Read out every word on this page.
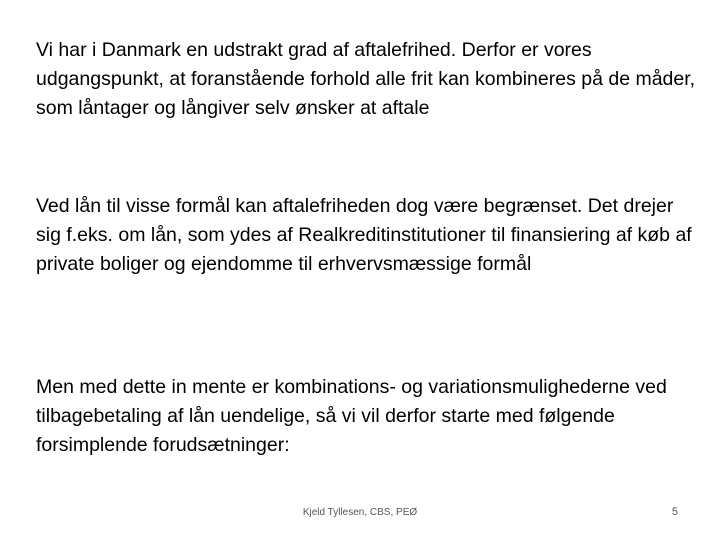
Vi har i Danmark en udstrakt grad af aftalefrihed. Derfor er vores udgangspunkt, at foranstående forhold alle frit kan kombineres på de måder, som låntager og långiver selv ønsker at aftale

Ved lån til visse formål kan aftalefriheden dog være begrænset. Det drejer sig f.eks. om lån, som ydes af Realkreditinstitutioner til finansiering af køb af private boliger og ejendomme til erhvervsmæssige formål

Men med dette in mente er kombinations- og variationsmulighederne ved tilbagebetaling af lån uendelige, så vi vil derfor starte med følgende forsimplende forudsætninger:

Kjeld Tyllesen, CBS, PEØ	5
